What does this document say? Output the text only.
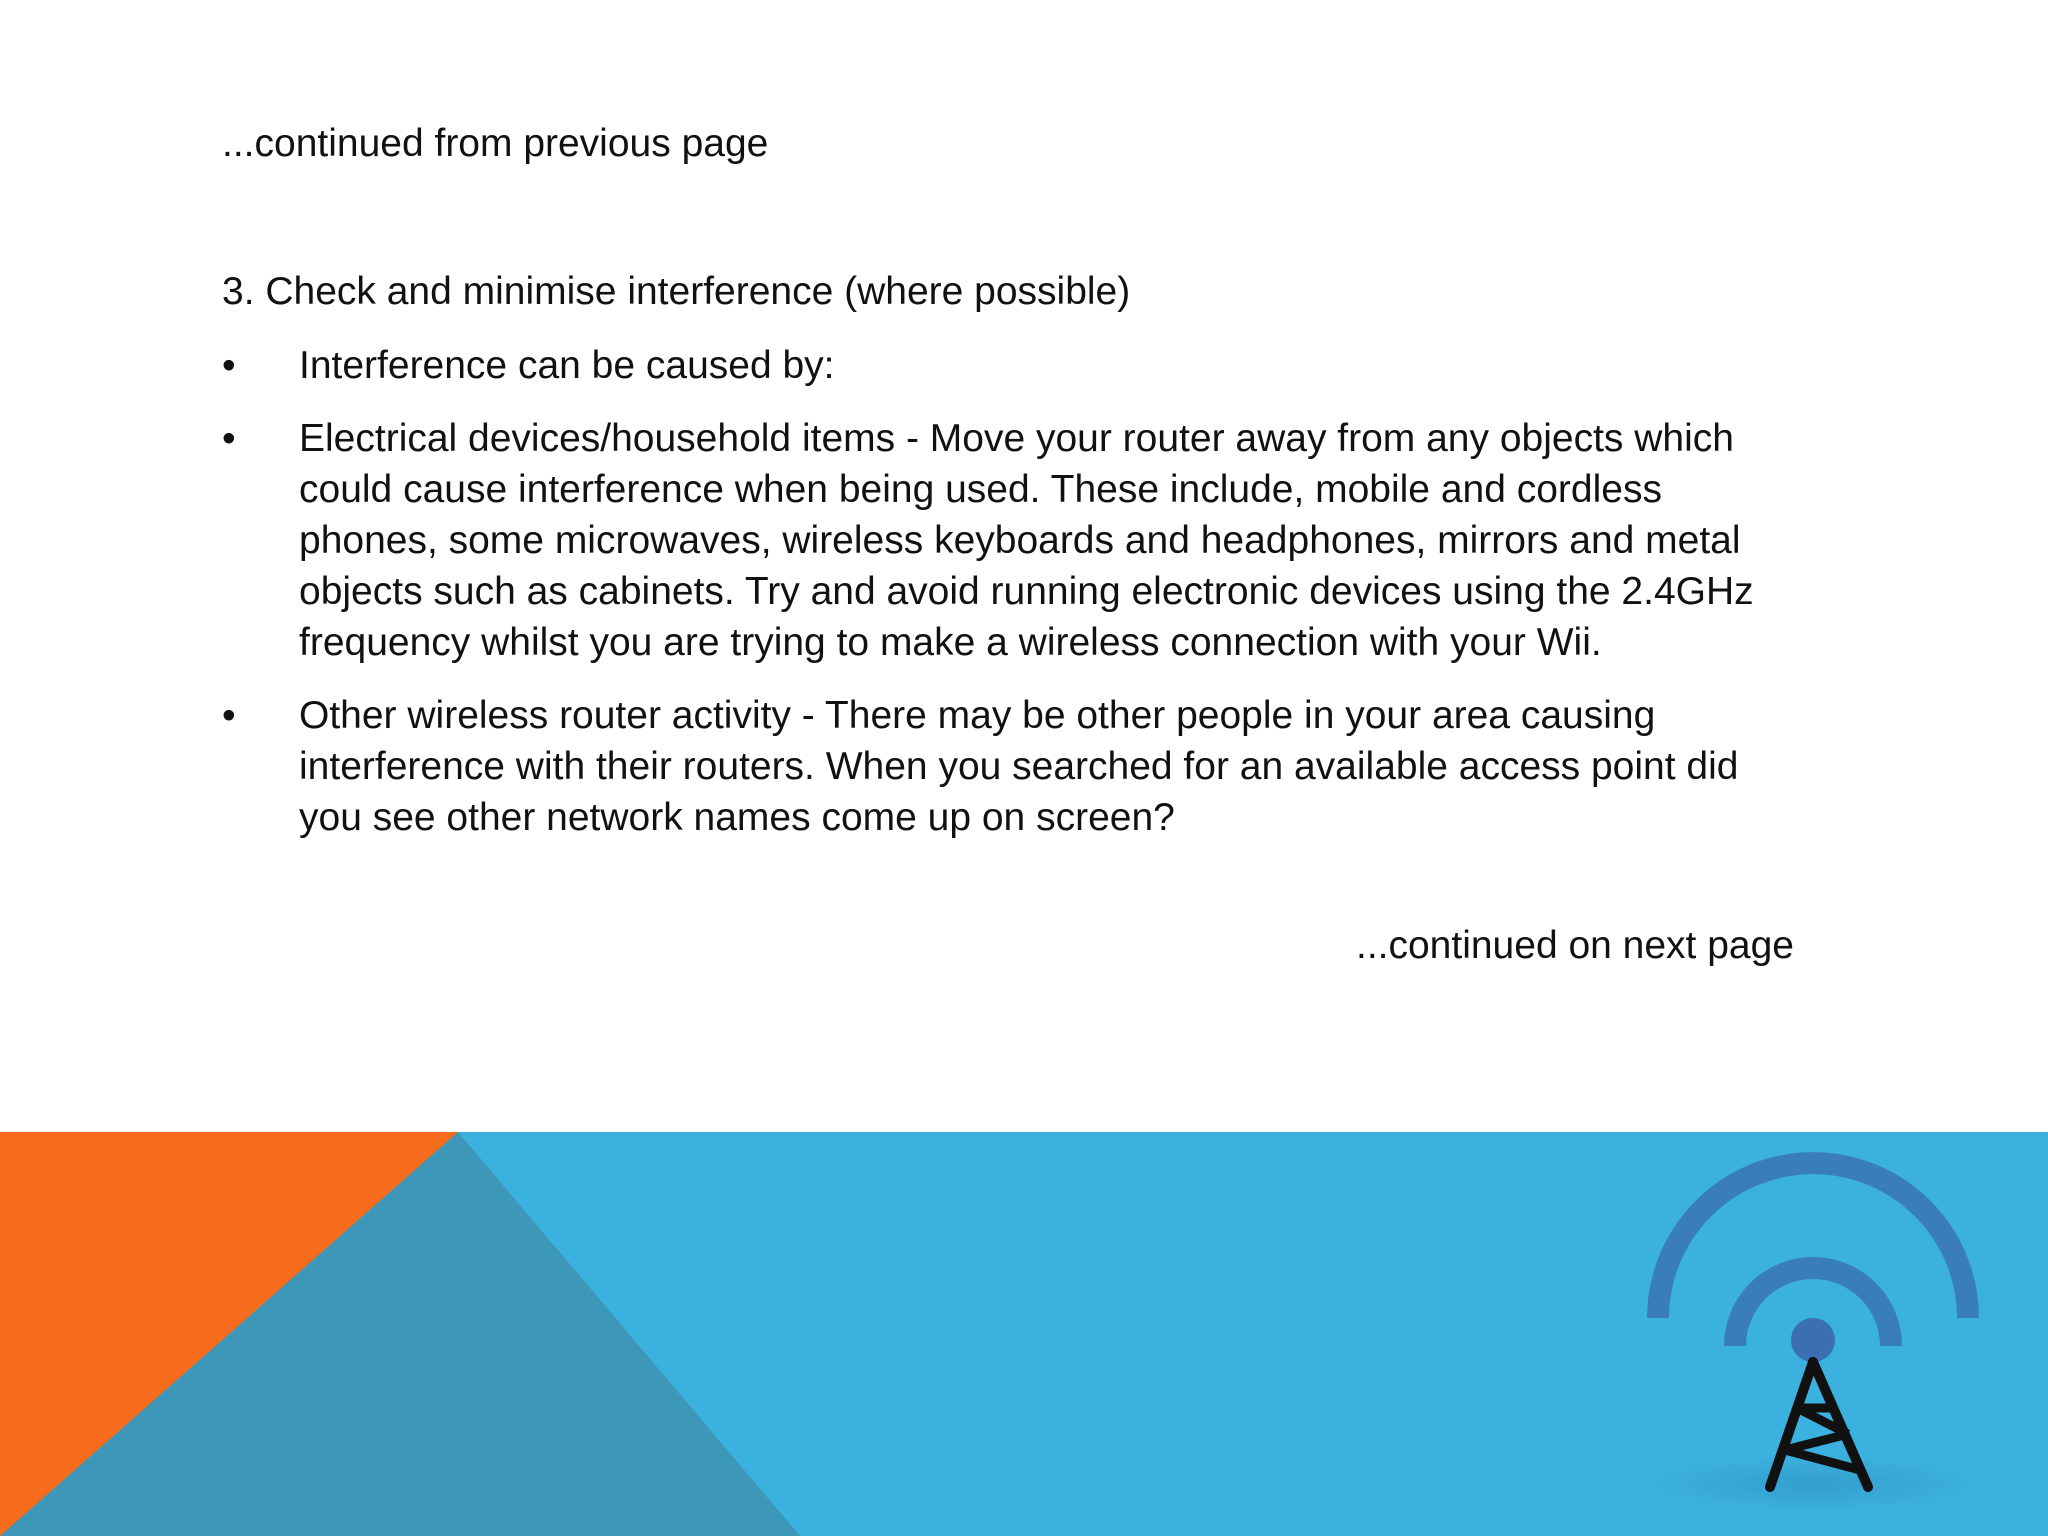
...continued from previous page
3. Check and minimise interference (where possible)
•	Interference can be caused by:
•	Electrical devices/household items - Move your router away from any objects which could cause interference when being used. These include, mobile and cordless phones, some microwaves, wireless keyboards and headphones, mirrors and metal objects such as cabinets. Try and avoid running electronic devices using the 2.4GHz frequency whilst you are trying to make a wireless connection with your Wii.
•	Other wireless router activity - There may be other people in your area causing interference with their routers. When you searched for an available access point did you see other network names come up on screen?
...continued on next page
